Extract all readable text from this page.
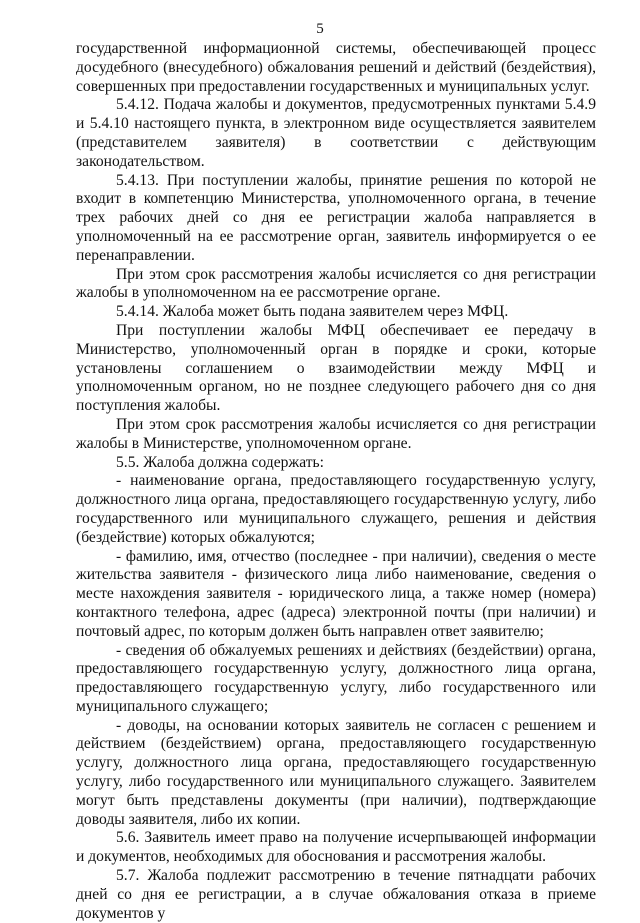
5

государственной информационной системы, обеспечивающей процесс досудебного (внесудебного) обжалования решений и действий (бездействия), совершенных при предоставлении государственных и муниципальных услуг.

5.4.12. Подача жалобы и документов, предусмотренных пунктами 5.4.9 и 5.4.10 настоящего пункта, в электронном виде осуществляется заявителем (представителем заявителя) в соответствии с действующим законодательством.

5.4.13. При поступлении жалобы, принятие решения по которой не входит в компетенцию Министерства, уполномоченного органа, в течение трех рабочих дней со дня ее регистрации жалоба направляется в уполномоченный на ее рассмотрение орган, заявитель информируется о ее перенаправлении.

При этом срок рассмотрения жалобы исчисляется со дня регистрации жалобы в уполномоченном на ее рассмотрение органе.

5.4.14. Жалоба может быть подана заявителем через МФЦ.

При поступлении жалобы МФЦ обеспечивает ее передачу в Министерство, уполномоченный орган в порядке и сроки, которые установлены соглашением о взаимодействии между МФЦ и уполномоченным органом, но не позднее следующего рабочего дня со дня поступления жалобы.

При этом срок рассмотрения жалобы исчисляется со дня регистрации жалобы в Министерстве, уполномоченном органе.

5.5. Жалоба должна содержать:

- наименование органа, предоставляющего государственную услугу, должностного лица органа, предоставляющего государственную услугу, либо государственного или муниципального служащего, решения и действия (бездействие) которых обжалуются;

- фамилию, имя, отчество (последнее - при наличии), сведения о месте жительства заявителя - физического лица либо наименование, сведения о месте нахождения заявителя - юридического лица, а также номер (номера) контактного телефона, адрес (адреса) электронной почты (при наличии) и почтовый адрес, по которым должен быть направлен ответ заявителю;

- сведения об обжалуемых решениях и действиях (бездействии) органа, предоставляющего государственную услугу, должностного лица органа, предоставляющего государственную услугу, либо государственного или муниципального служащего;

- доводы, на основании которых заявитель не согласен с решением и действием (бездействием) органа, предоставляющего государственную услугу, должностного лица органа, предоставляющего государственную услугу, либо государственного или муниципального служащего. Заявителем могут быть представлены документы (при наличии), подтверждающие доводы заявителя, либо их копии.

5.6. Заявитель имеет право на получение исчерпывающей информации и документов, необходимых для обоснования и рассмотрения жалобы.

5.7. Жалоба подлежит рассмотрению в течение пятнадцати рабочих дней со дня ее регистрации, а в случае обжалования отказа в приеме документов у
